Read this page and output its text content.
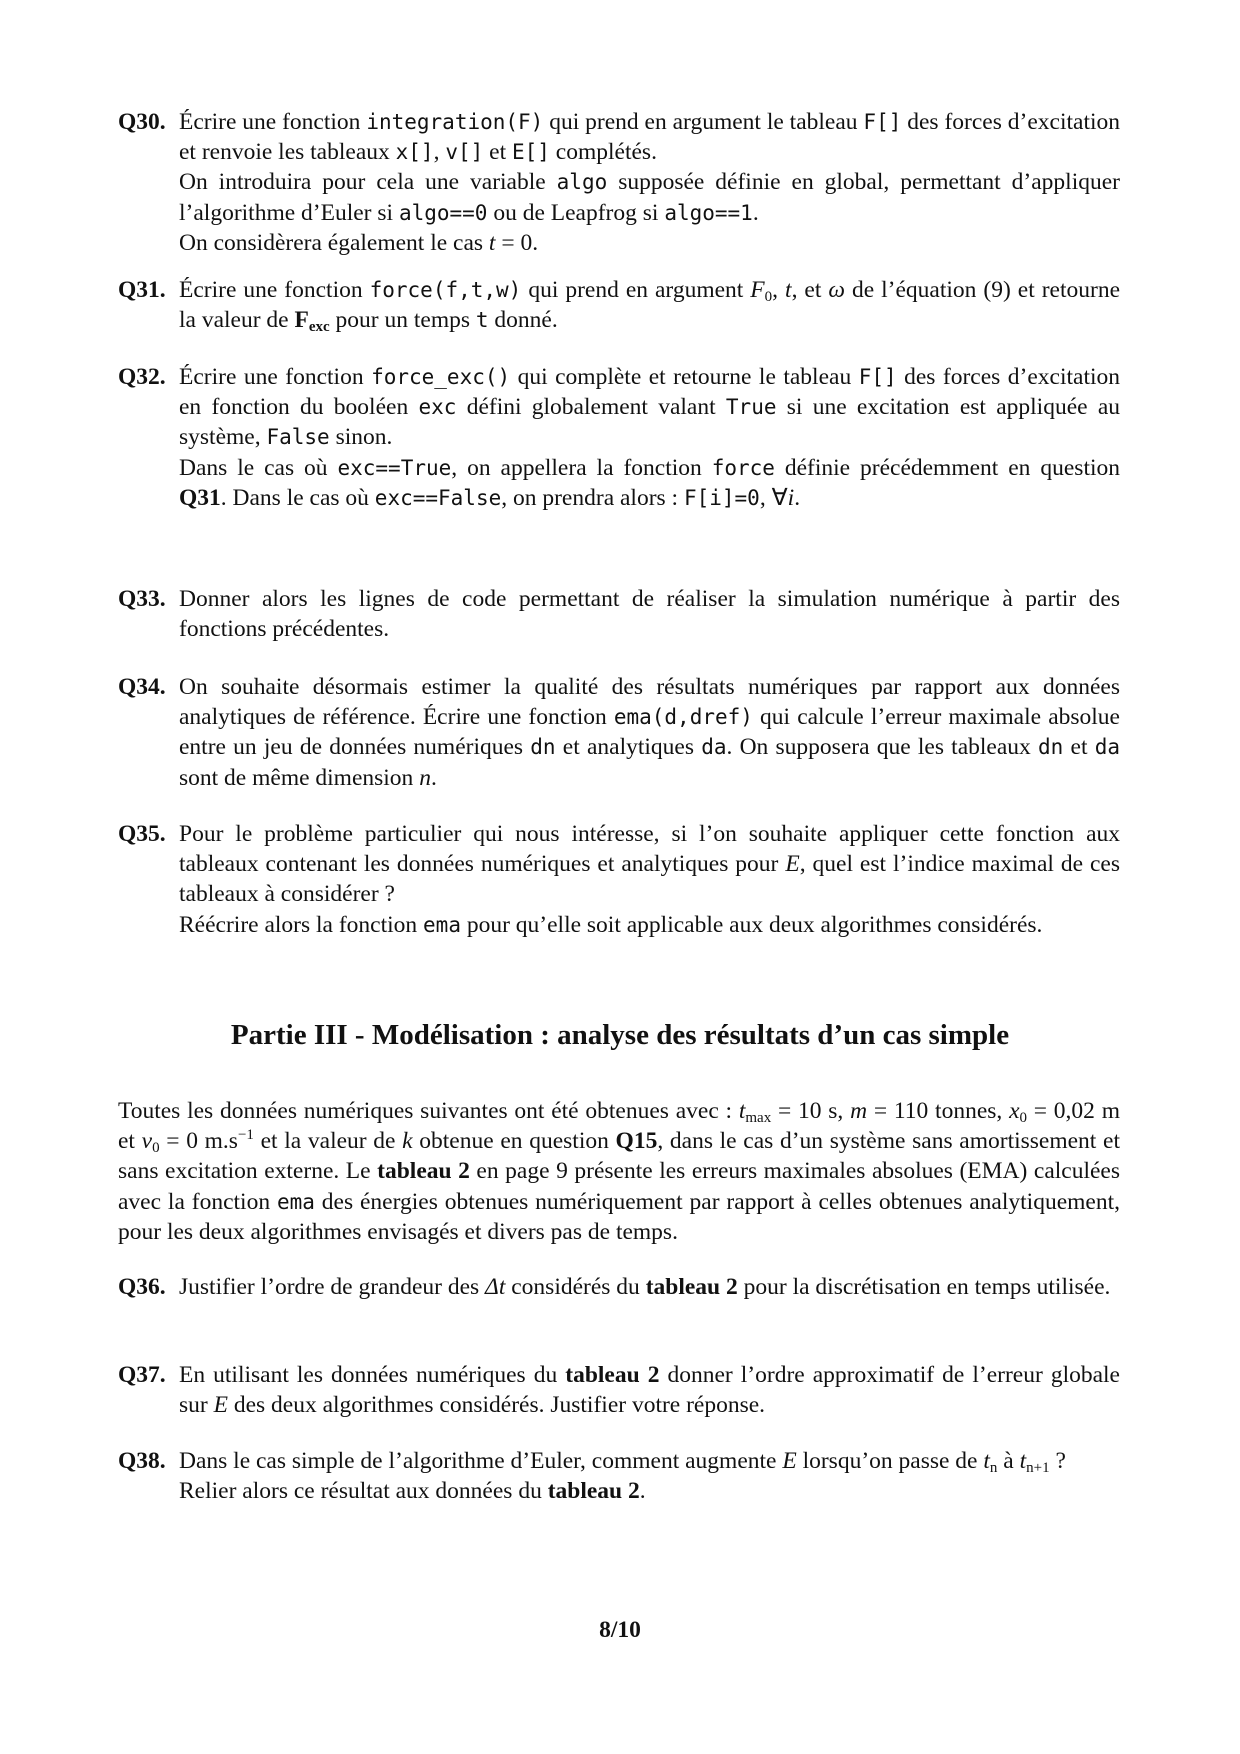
Q30. Écrire une fonction integration(F) qui prend en argument le tableau F[] des forces d’excitation et renvoie les tableaux x[], v[] et E[] complétés.

On introduira pour cela une variable algo supposée définie en global, permettant d’appliquer l’algorithme d’Euler si algo==0 ou de Leapfrog si algo==1.

On considèrera également le cas t = 0.

Q31. Écrire une fonction force(f,t,w) qui prend en argument $F_0$, t, et ω de l’équation (9) et retourne la valeur de $F_{exc}$ pour un temps t donné.

Q32. Écrire une fonction force_exc() qui complète et retourne le tableau F[] des forces d’excitation en fonction du booléen exc défini globalement valant True si une excitation est appliquée au système, False sinon.

Dans le cas où exc==True, on appellera la fonction force définie précédemment en question Q31. Dans le cas où exc==False, on prendra alors : F[i]=0, ∀i.

Q33. Donner alors les lignes de code permettant de réaliser la simulation numérique à partir des fonctions précédentes.

Q34. On souhaite désormais estimer la qualité des résultats numériques par rapport aux données analytiques de référence. Écrire une fonction ema(d,dref) qui calcule l’erreur maximale absolue entre un jeu de données numériques dn et analytiques da. On supposera que les tableaux dn et da sont de même dimension n.

Q35. Pour le problème particulier qui nous intéresse, si l’on souhaite appliquer cette fonction aux tableaux contenant les données numériques et analytiques pour E, quel est l’indice maximal de ces tableaux à considérer ?

Réécrire alors la fonction ema pour qu’elle soit applicable aux deux algorithmes considérés.

Partie III - Modélisation : analyse des résultats d’un cas simple
Toutes les données numériques suivantes ont été obtenues avec : $t_{max} = 10$ s, m = 110 tonnes, $x_0 = 0,02$ m et $v_0 = 0$ $m.s^{-1}$ et la valeur de k obtenue en question Q15, dans le cas d’un système sans amortissement et sans excitation externe. Le tableau 2 en page 9 présente les erreurs maximales absolues (EMA) calculées avec la fonction ema des énergies obtenues numériquement par rapport à celles obtenues analytiquement, pour les deux algorithmes envisagés et divers pas de temps.
Q36. Justifier l’ordre de grandeur des Δt considérés du tableau 2 pour la discrétisation en temps utilisée.

Q37. En utilisant les données numériques du tableau 2 donner l’ordre approximatif de l’erreur globale sur E des deux algorithmes considérés. Justifier votre réponse.

Q38. Dans le cas simple de l’algorithme d’Euler, comment augmente E lorsqu’on passe de $t_n$ à $t_{n+1}$ ?

Relier alors ce résultat aux données du tableau 2.

8/10
